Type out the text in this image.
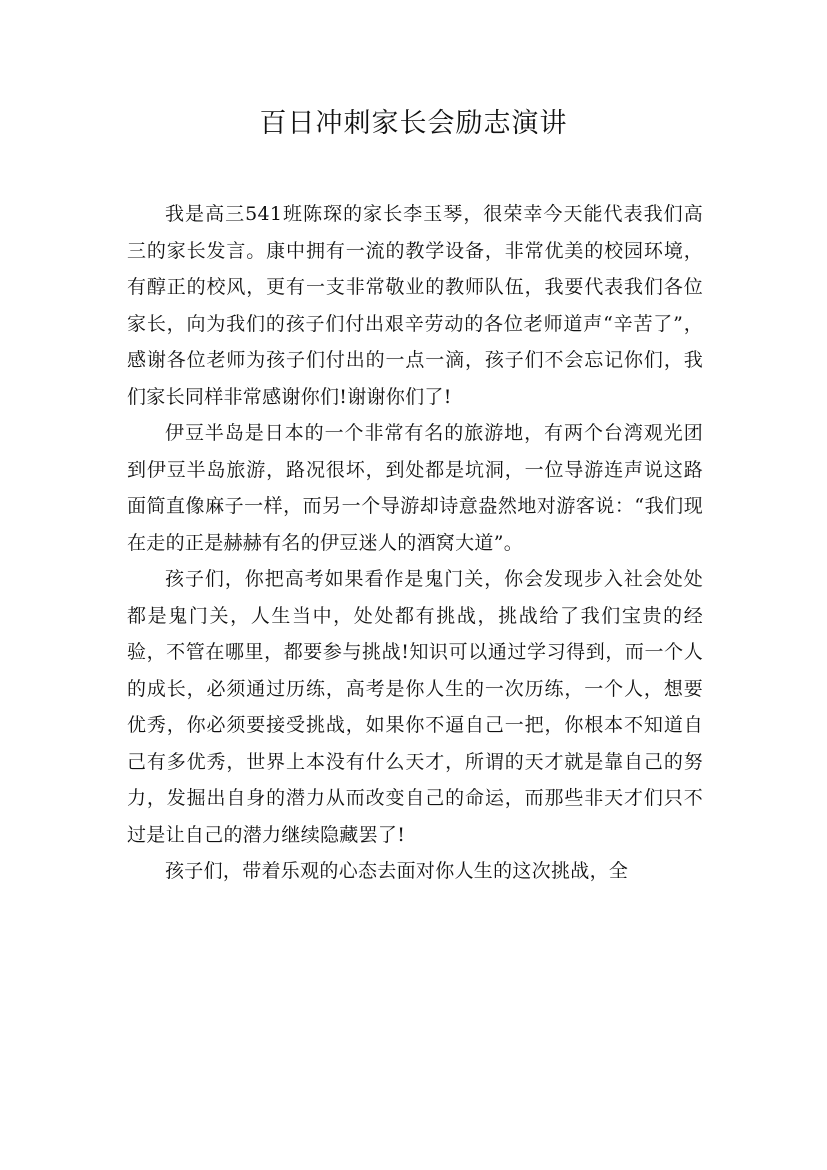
百日冲刺家长会励志演讲

我是高三541班陈琛的家长李玉琴，很荣幸今天能代表我们高三的家长发言。康中拥有一流的教学设备，非常优美的校园环境，有醇正的校风，更有一支非常敬业的教师队伍，我要代表我们各位家长，向为我们的孩子们付出艰辛劳动的各位老师道声“辛苦了”，感谢各位老师为孩子们付出的一点一滴，孩子们不会忘记你们，我们家长同样非常感谢你们!谢谢你们了!

伊豆半岛是日本的一个非常有名的旅游地，有两个台湾观光团到伊豆半岛旅游，路况很坏，到处都是坑洞，一位导游连声说这路面简直像麻子一样，而另一个导游却诗意盎然地对游客说：“我们现在走的正是赫赫有名的伊豆迷人的酒窝大道”。

孩子们，你把高考如果看作是鬼门关，你会发现步入社会处处都是鬼门关，人生当中，处处都有挑战，挑战给了我们宝贵的经验，不管在哪里，都要参与挑战!知识可以通过学习得到，而一个人的成长，必须通过历练，高考是你人生的一次历练，一个人，想要优秀，你必须要接受挑战，如果你不逼自己一把，你根本不知道自己有多优秀，世界上本没有什么天才，所谓的天才就是靠自己的努力，发掘出自身的潜力从而改变自己的命运，而那些非天才们只不过是让自己的潜力继续隐藏罢了!

孩子们，带着乐观的心态去面对你人生的这次挑战，全
